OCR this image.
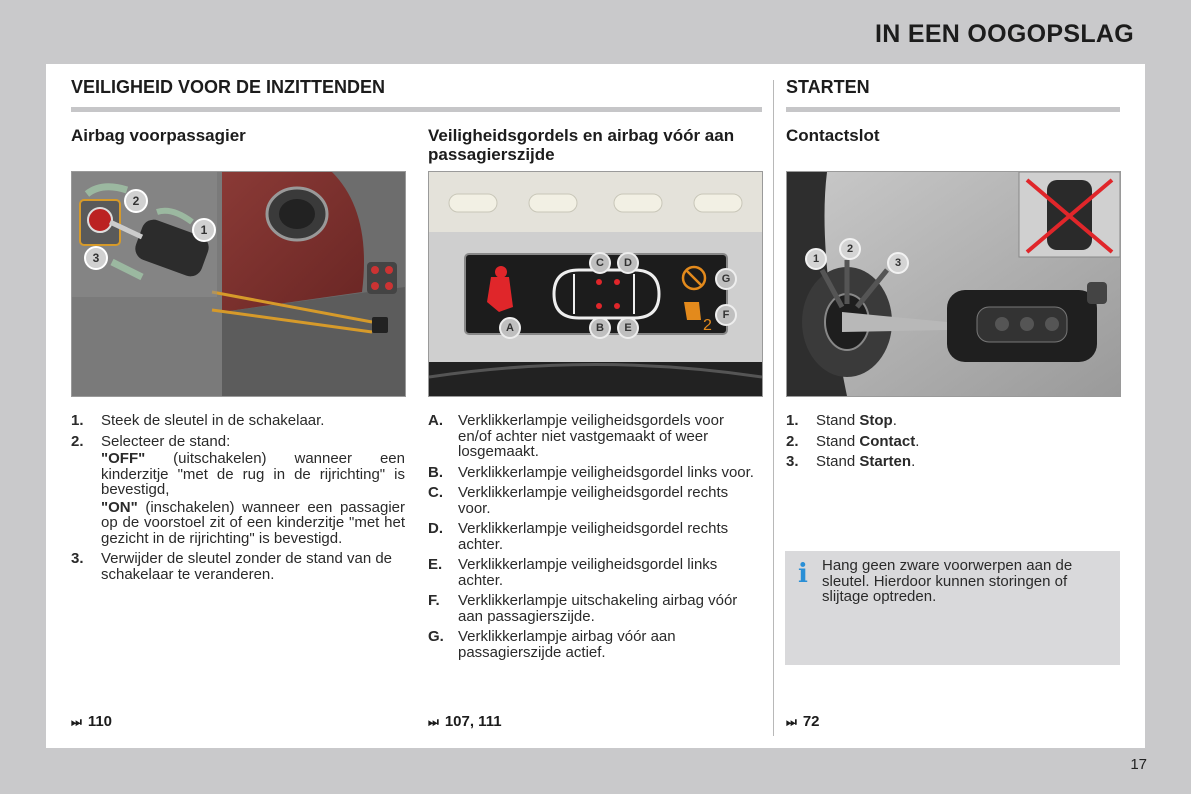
IN EEN OOGOPSLAG
VEILIGHEID VOOR DE INZITTENDEN
Airbag voorpassagier	Veiligheidsgordels en airbag vóór aan passagierszijde
1
2
3
2
A	B
C	D
E
F
G
1. Steek de sleutel in de schakelaar.
2. Selecteer de stand:

"OFF" (uitschakelen) wanneer een kinderzitje "met de rug in de rijrichting" is bevestigd,

"ON" (inschakelen) wanneer een passagier op de voorstoel zit of een kinderzitje "met het gezicht in de rijrichting" is bevestigd.

3. Verwijder de sleutel zonder de stand van de schakelaar te veranderen.
A. Verklikkerlampje veiligheidsgordels voor en/of achter niet vastgemaakt of weer losgemaakt.
B. Verklikkerlampje veiligheidsgordel links voor.
C. Verklikkerlampje veiligheidsgordel rechts voor.
D. Verklikkerlampje veiligheidsgordel rechts achter.
E. Verklikkerlampje veiligheidsgordel links achter.
F. Verklikkerlampje uitschakeling airbag vóór aan passagierszijde.
G. Verklikkerlampje airbag vóór aan passagierszijde actief.
STARTEN
Contactslot
1
2
3
1. Stand Stop.
2. Stand Contact.
3. Stand Starten.
i Hang geen zware voorwerpen aan de sleutel. Hierdoor kunnen storingen of slijtage optreden.
⏭ 110	⏭ 107, 111	⏭ 72
17
